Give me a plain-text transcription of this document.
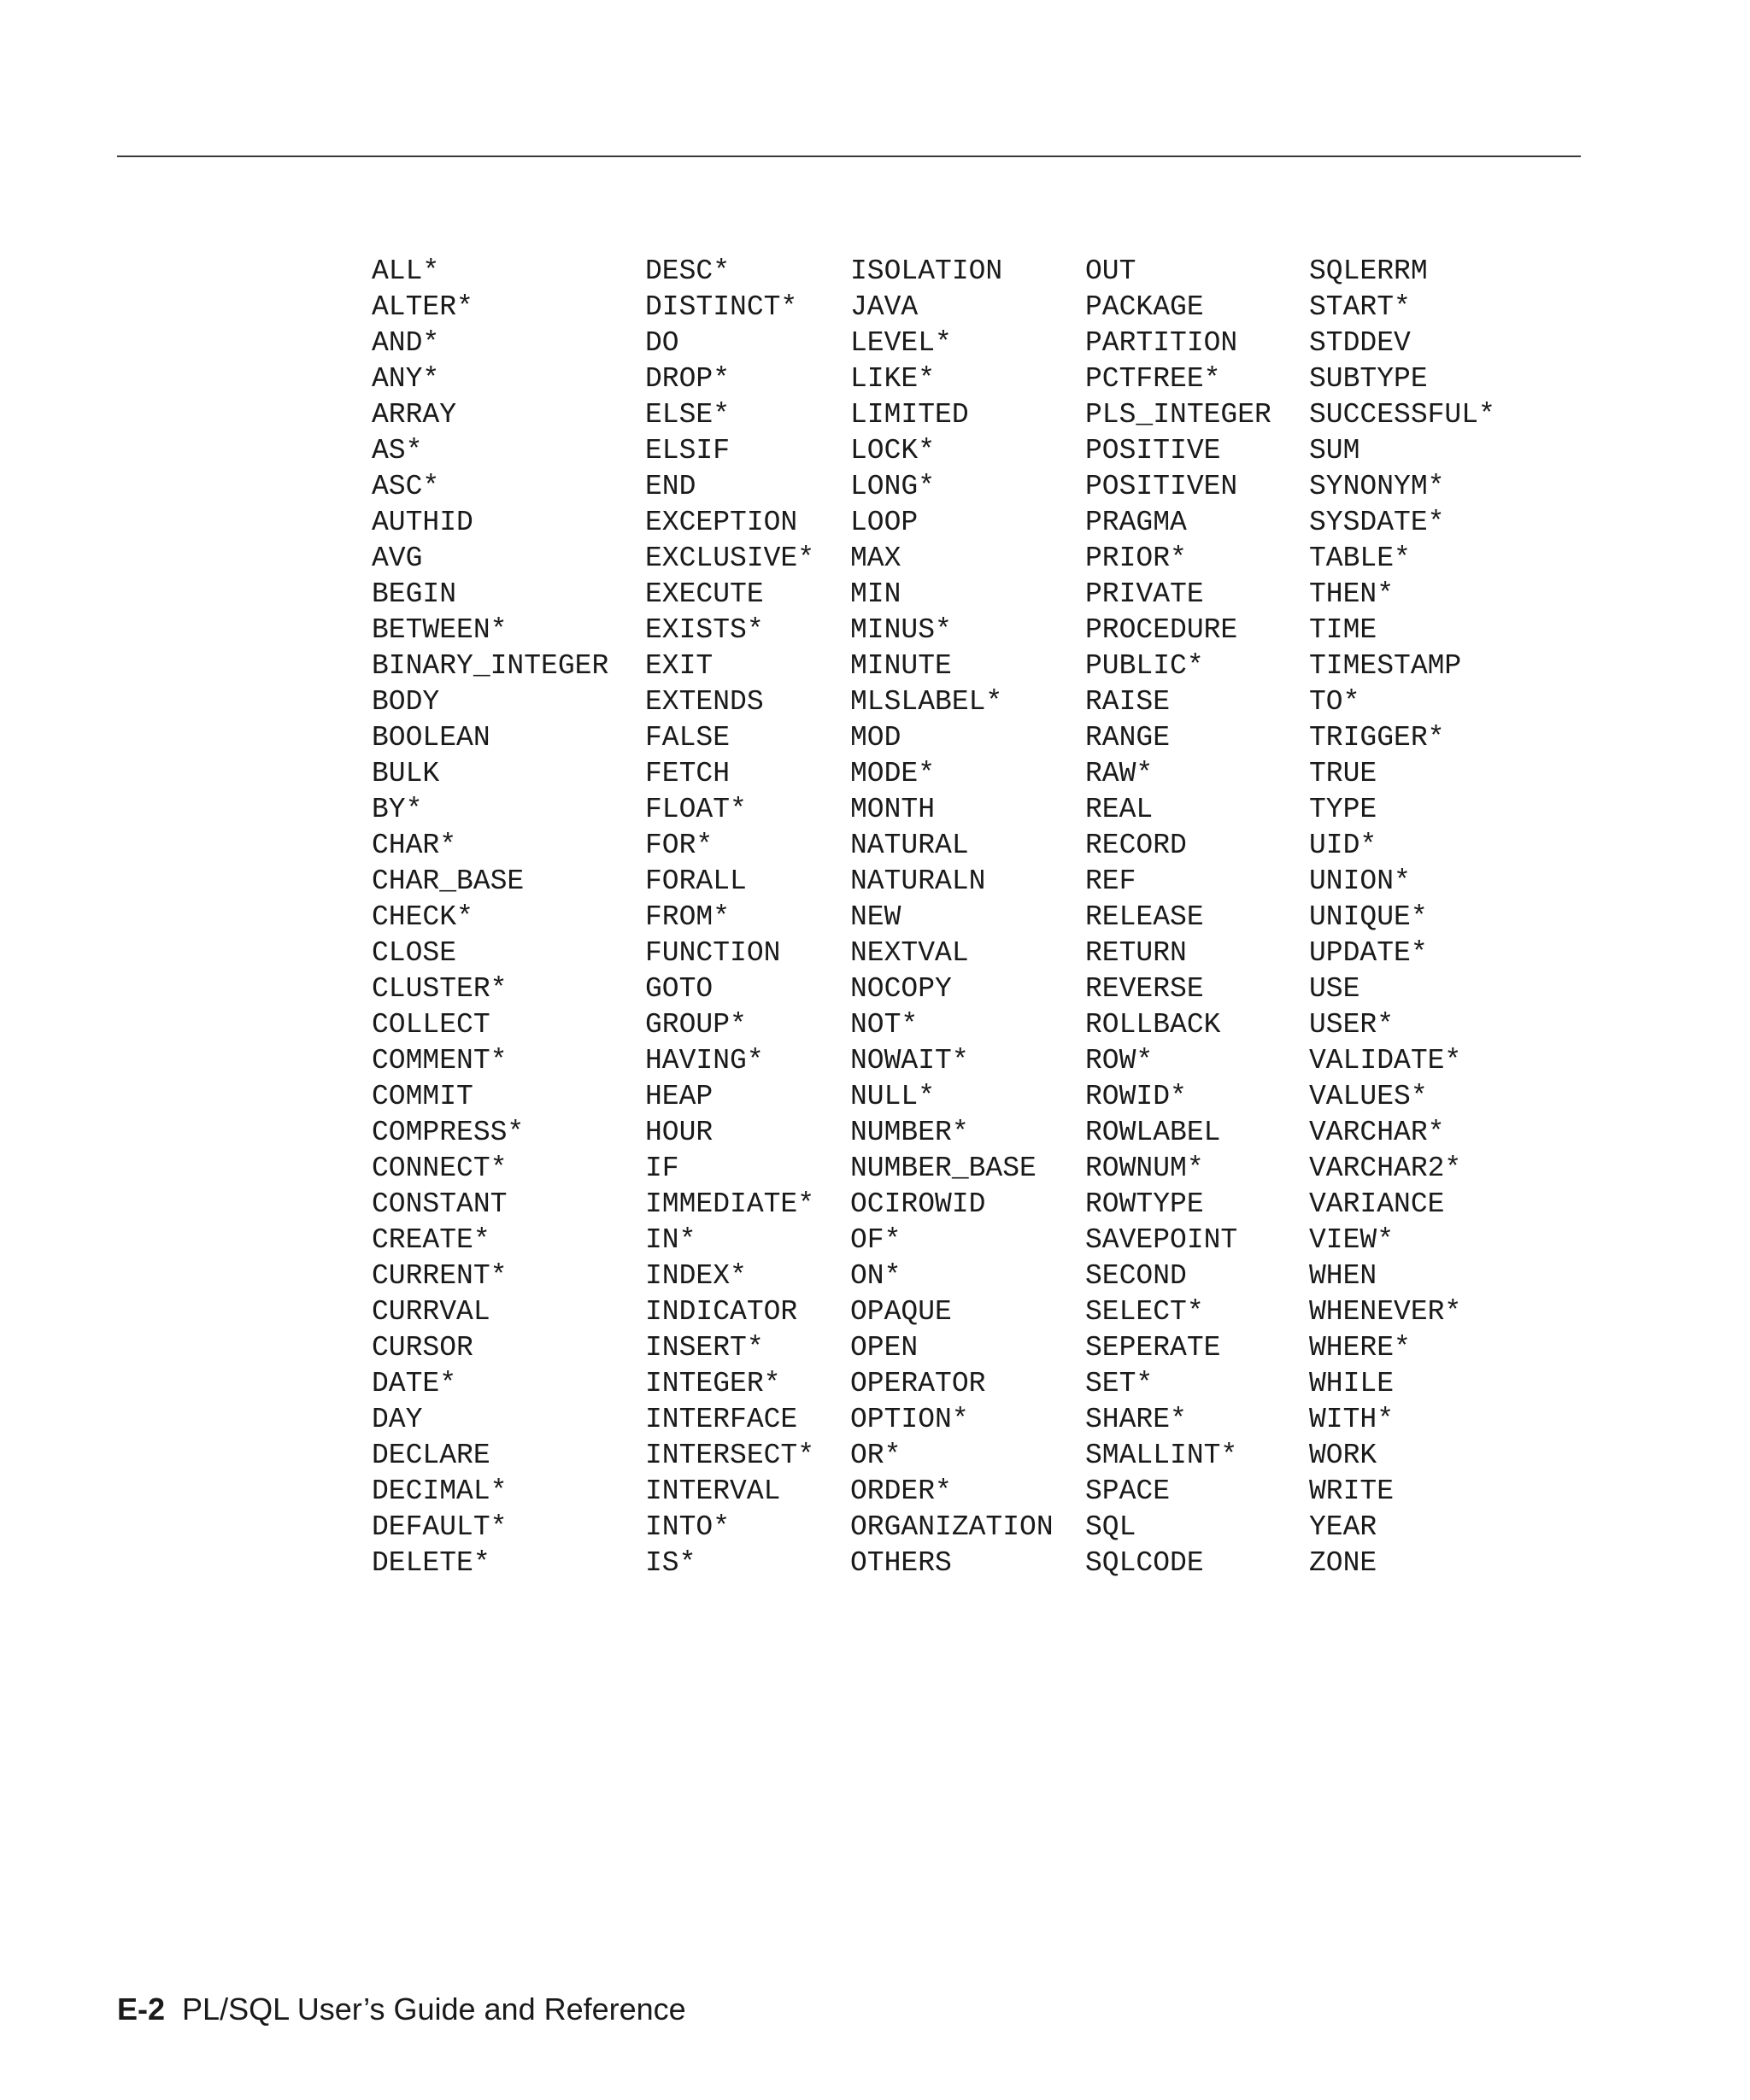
ALL*
ALTER*
AND*
ANY*
ARRAY
AS*
ASC*
AUTHID
AVG
BEGIN
BETWEEN*
BINARY_INTEGER
BODY
BOOLEAN
BULK
BY*
CHAR*
CHAR_BASE
CHECK*
CLOSE
CLUSTER*
COLLECT
COMMENT*
COMMIT
COMPRESS*
CONNECT*
CONSTANT
CREATE*
CURRENT*
CURRVAL
CURSOR
DATE*
DAY
DECLARE
DECIMAL*
DEFAULT*
DELETE*
DESC*
DISTINCT*
DO
DROP*
ELSE*
ELSIF
END
EXCEPTION
EXCLUSIVE*
EXECUTE
EXISTS*
EXIT
EXTENDS
FALSE
FETCH
FLOAT*
FOR*
FORALL
FROM*
FUNCTION
GOTO
GROUP*
HAVING*
HEAP
HOUR
IF
IMMEDIATE*
IN*
INDEX*
INDICATOR
INSERT*
INTEGER*
INTERFACE
INTERSECT*
INTERVAL
INTO*
IS*
ISOLATION
JAVA
LEVEL*
LIKE*
LIMITED
LOCK*
LONG*
LOOP
MAX
MIN
MINUS*
MINUTE
MLSLABEL*
MOD
MODE*
MONTH
NATURAL
NATURALN
NEW
NEXTVAL
NOCOPY
NOT*
NOWAIT*
NULL*
NUMBER*
NUMBER_BASE
OCIROWID
OF*
ON*
OPAQUE
OPEN
OPERATOR
OPTION*
OR*
ORDER*
ORGANIZATION
OTHERS
OUT
PACKAGE
PARTITION
PCTFREE*
PLS_INTEGER
POSITIVE
POSITIVEN
PRAGMA
PRIOR*
PRIVATE
PROCEDURE
PUBLIC*
RAISE
RANGE
RAW*
REAL
RECORD
REF
RELEASE
RETURN
REVERSE
ROLLBACK
ROW*
ROWID*
ROWLABEL
ROWNUM*
ROWTYPE
SAVEPOINT
SECOND
SELECT*
SEPERATE
SET*
SHARE*
SMALLINT*
SPACE
SQL
SQLCODE
SQLERRM
START*
STDDEV
SUBTYPE
SUCCESSFUL*
SUM
SYNONYM*
SYSDATE*
TABLE*
THEN*
TIME
TIMESTAMP
TO*
TRIGGER*
TRUE
TYPE
UID*
UNION*
UNIQUE*
UPDATE*
USE
USER*
VALIDATE*
VALUES*
VARCHAR*
VARCHAR2*
VARIANCE
VIEW*
WHEN
WHENEVER*
WHERE*
WHILE
WITH*
WORK
WRITE
YEAR
ZONE
E-2 PL/SQL User’s Guide and Reference
